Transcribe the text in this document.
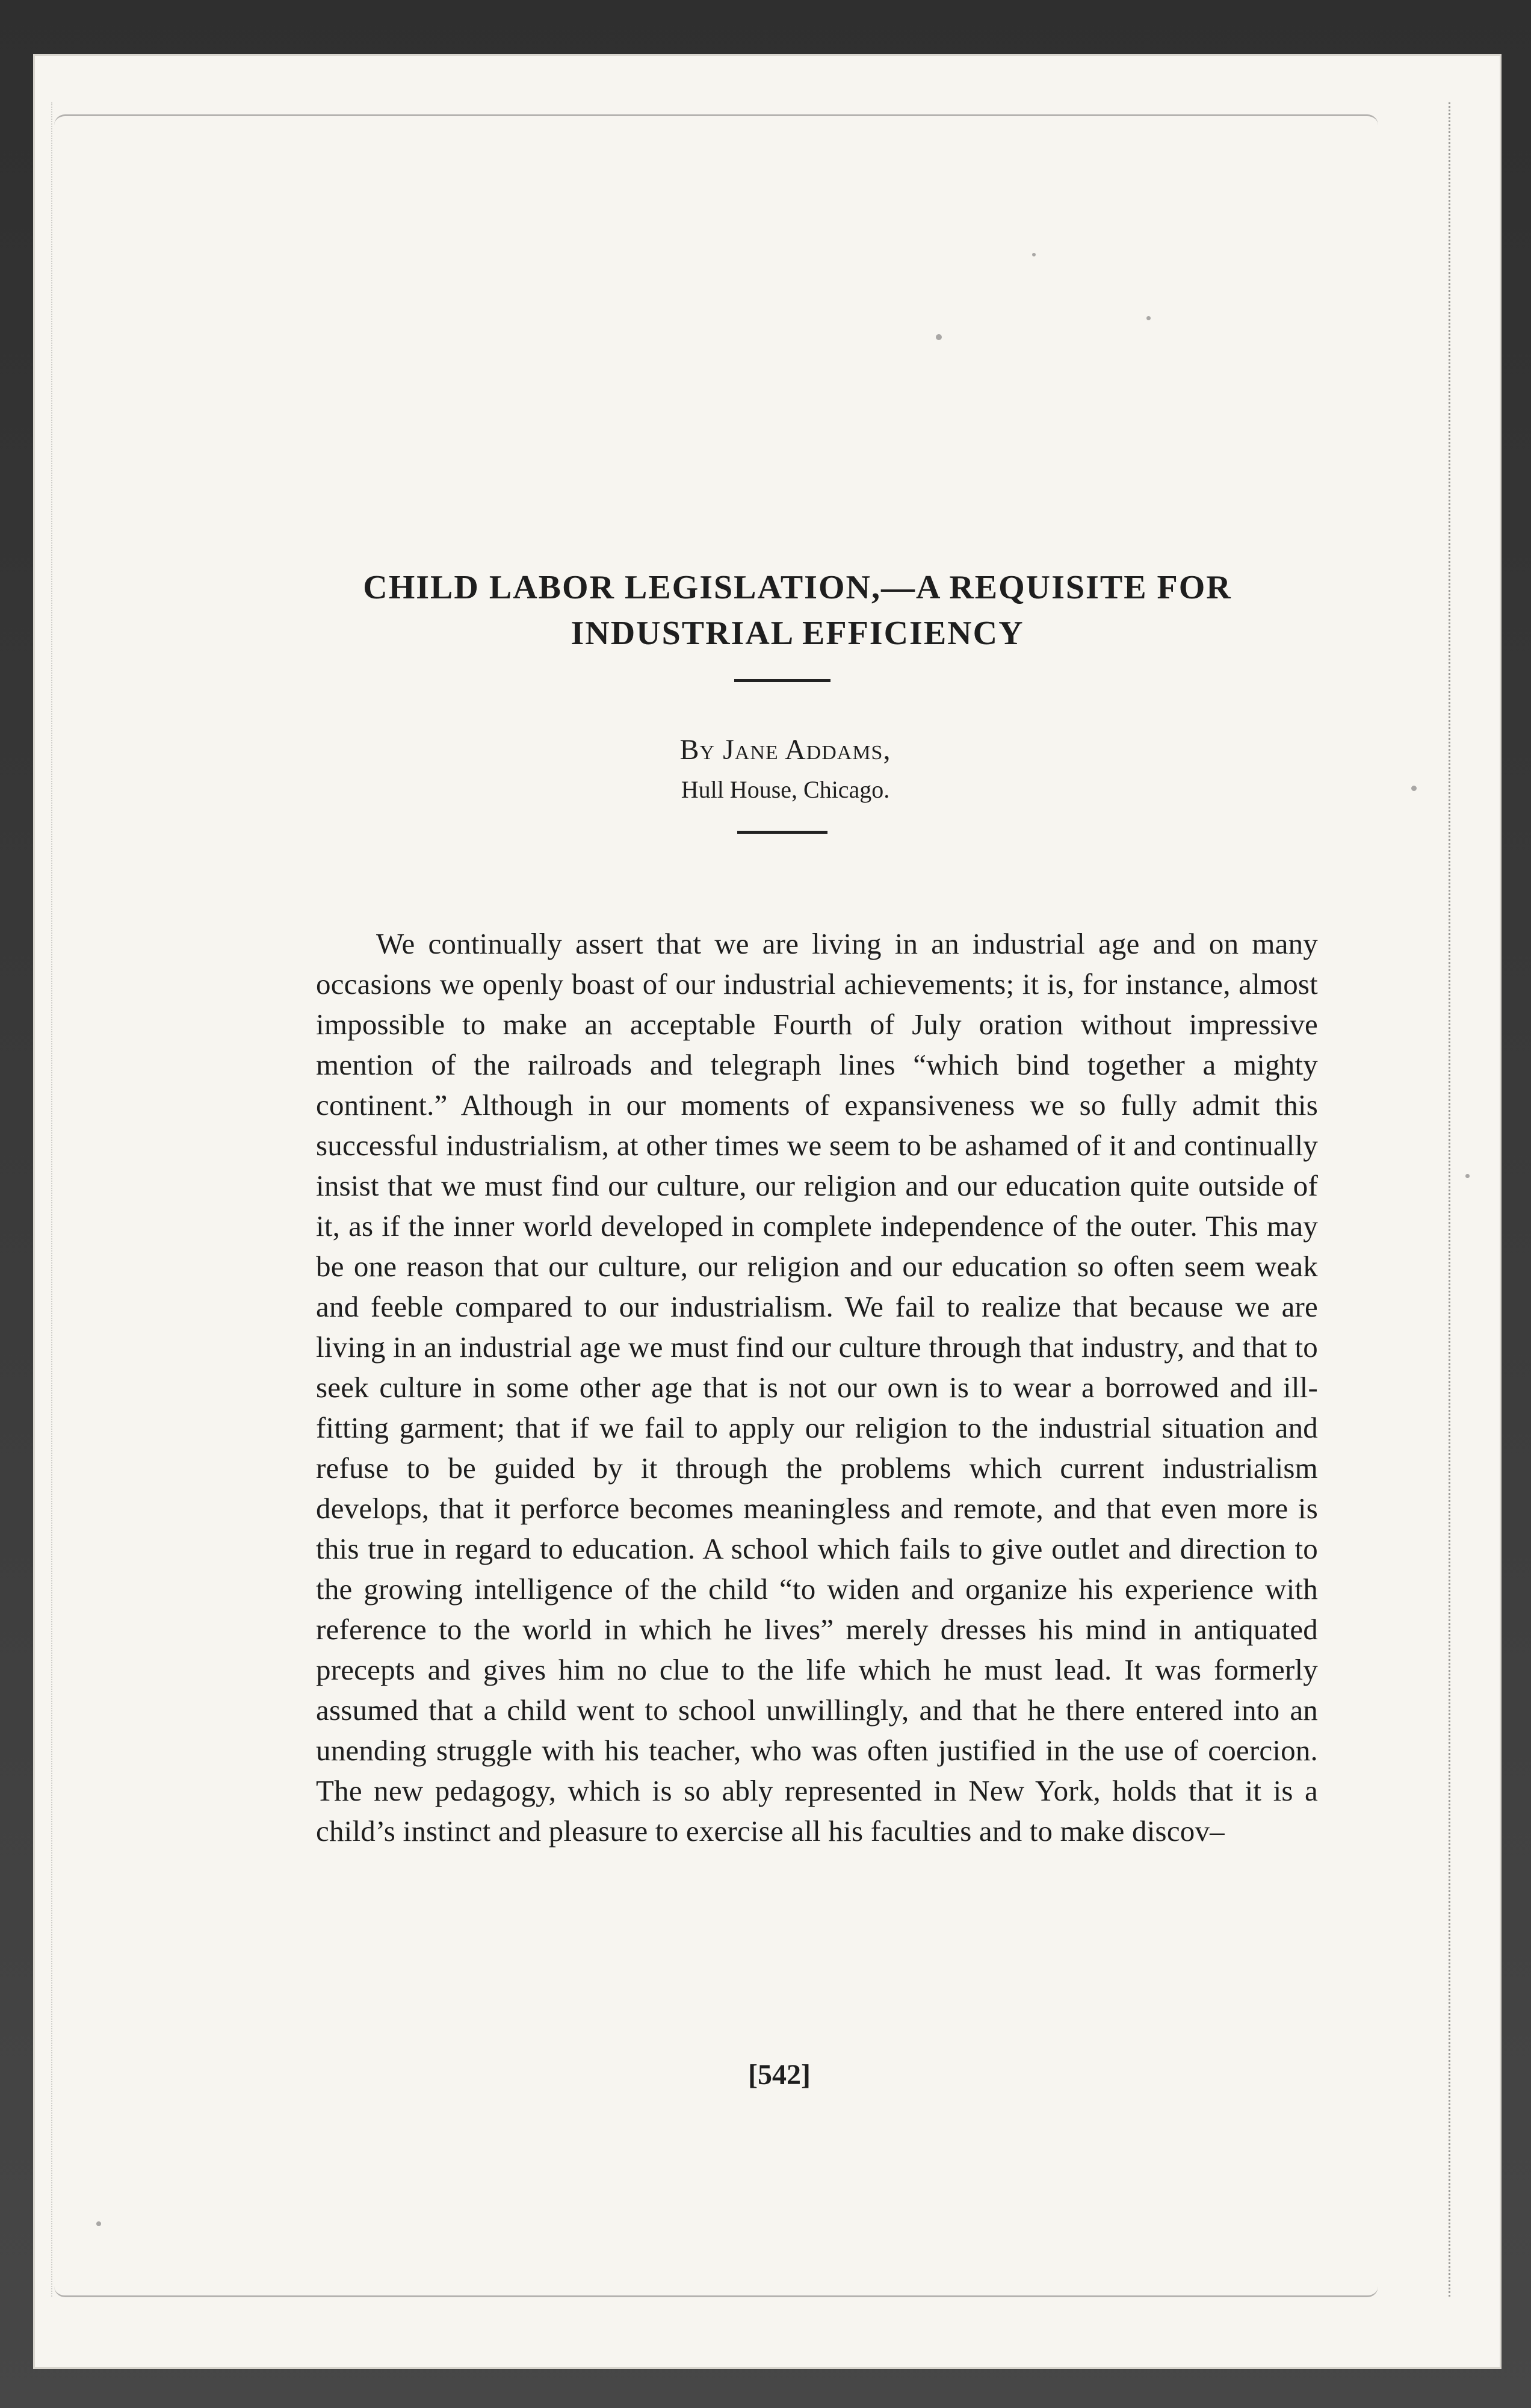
CHILD LABOR LEGISLATION,—A REQUISITE FOR INDUSTRIAL EFFICIENCY
By Jane Addams,
Hull House, Chicago.

We continually assert that we are living in an industrial age and on many occasions we openly boast of our industrial achievements; it is, for instance, almost impossible to make an acceptable Fourth of July oration without impressive mention of the railroads and telegraph lines “which bind together a mighty continent.” Although in our moments of expansiveness we so fully admit this successful industrialism, at other times we seem to be ashamed of it and continually insist that we must find our culture, our religion and our education quite outside of it, as if the inner world developed in complete independence of the outer. This may be one reason that our culture, our religion and our education so often seem weak and feeble compared to our industrialism. We fail to realize that because we are living in an industrial age we must find our culture through that industry, and that to seek culture in some other age that is not our own is to wear a borrowed and ill-fitting garment; that if we fail to apply our religion to the industrial situation and refuse to be guided by it through the problems which current industrialism develops, that it perforce becomes meaningless and remote, and that even more is this true in regard to education. A school which fails to give outlet and direction to the growing intelligence of the child “to widen and organize his experience with reference to the world in which he lives” merely dresses his mind in antiquated precepts and gives him no clue to the life which he must lead. It was formerly assumed that a child went to school unwillingly, and that he there entered into an unending struggle with his teacher, who was often justified in the use of coercion. The new pedagogy, which is so ably represented in New York, holds that it is a child’s instinct and pleasure to exercise all his faculties and to make discov–

[542]
